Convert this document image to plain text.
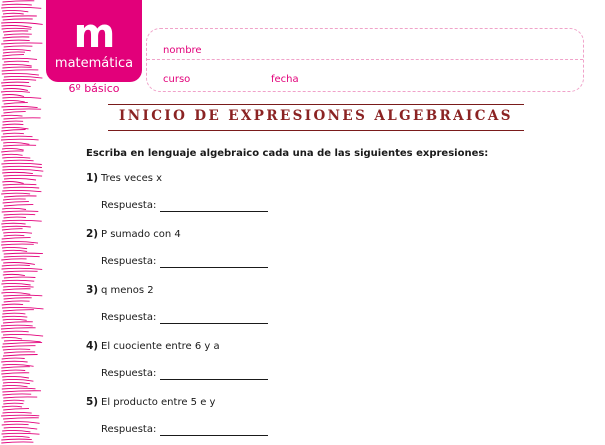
m
matemática
6º básico
nombre
curso	fecha
INICIO DE EXPRESIONES ALGEBRAICAS
Escriba en lenguaje algebraico cada una de las siguientes expresiones:
1) Tres veces x
Respuesta:
2) P sumado con 4
Respuesta:
3) q menos 2
Respuesta:
4) El cuociente entre 6 y a
Respuesta:
5) El producto entre 5 e y
Respuesta:
